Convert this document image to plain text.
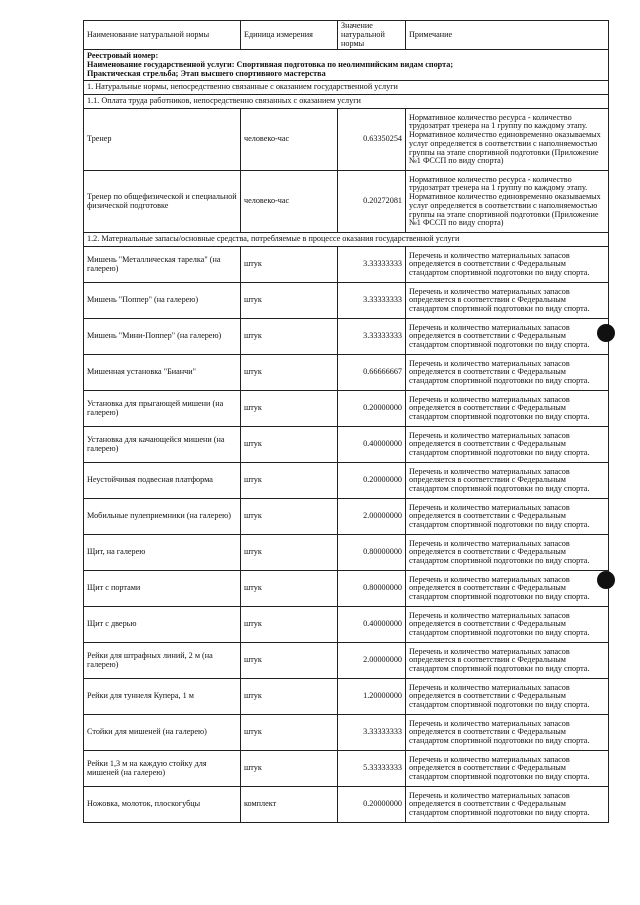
Наименование натуральной нормы	Единица измерения	Значение натуральной нормы	Примечание

Реестровый номер:
Наименование государственной услуги: Спортивная подготовка по неолимпийским видам спорта;
Практическая стрельба; Этап высшего спортивного мастерства			

1. Натуральные нормы, непосредственно связанные с оказанием государственной услуги			
1.1. Оплата труда работников, непосредственно связанных с оказанием услуги			
Тренер	человеко-час	0.63350254	Нормативное количество ресурса - количество трудозатрат тренера на 1 группу по каждому этапу. Нормативное количество единовременно оказываемых услуг определяется в соответствии с наполняемостью группы на этапе спортивной подготовки (Приложение №1 ФССП по виду спорта)
Тренер по общефизической и специальной физической подготовке	человеко-час	0.20272081	Нормативное количество ресурса - количество трудозатрат тренера на 1 группу по каждому этапу. Нормативное количество единовременно оказываемых услуг определяется в соответствии с наполняемостью группы на этапе спортивной подготовки (Приложение №1 ФССП по виду спорта)
1.2. Материальные запасы/основные средства, потребляемые в процессе оказания государственной услуги			
Мишень "Металлическая тарелка" (на галерею)	штук	3.33333333	Перечень и количество материальных запасов определяется в соответствии с Федеральным стандартом спортивной подготовки по виду спорта.
Мишень "Поппер" (на галерею)	штук	3.33333333	Перечень и количество материальных запасов определяется в соответствии с Федеральным стандартом спортивной подготовки по виду спорта.
Мишень "Мини-Поппер" (на галерею)	штук	3.33333333	Перечень и количество материальных запасов определяется в соответствии с Федеральным стандартом спортивной подготовки по виду спорта.
Мишенная установка "Бианчи"	штук	0.66666667	Перечень и количество материальных запасов определяется в соответствии с Федеральным стандартом спортивной подготовки по виду спорта.
Установка для прыгающей мишени (на галерею)	штук	0.20000000	Перечень и количество материальных запасов определяется в соответствии с Федеральным стандартом спортивной подготовки по виду спорта.
Установка для качающейся мишени (на галерею)	штук	0.40000000	Перечень и количество материальных запасов определяется в соответствии с Федеральным стандартом спортивной подготовки по виду спорта.
Неустойчивая подвесная платформа	штук	0.20000000	Перечень и количество материальных запасов определяется в соответствии с Федеральным стандартом спортивной подготовки по виду спорта.
Мобильные пулеприемники (на галерею)	штук	2.00000000	Перечень и количество материальных запасов определяется в соответствии с Федеральным стандартом спортивной подготовки по виду спорта.
Щит, на галерею	штук	0.80000000	Перечень и количество материальных запасов определяется в соответствии с Федеральным стандартом спортивной подготовки по виду спорта.
Щит с портами	штук	0.80000000	Перечень и количество материальных запасов определяется в соответствии с Федеральным стандартом спортивной подготовки по виду спорта.
Щит с дверью	штук	0.40000000	Перечень и количество материальных запасов определяется в соответствии с Федеральным стандартом спортивной подготовки по виду спорта.
Рейки для штрафных линий, 2 м (на галерею)	штук	2.00000000	Перечень и количество материальных запасов определяется в соответствии с Федеральным стандартом спортивной подготовки по виду спорта.
Рейки для туннеля Купера, 1 м	штук	1.20000000	Перечень и количество материальных запасов определяется в соответствии с Федеральным стандартом спортивной подготовки по виду спорта.
Стойки для мишеней (на галерею)	штук	3.33333333	Перечень и количество материальных запасов определяется в соответствии с Федеральным стандартом спортивной подготовки по виду спорта.
Рейки 1,3 м на каждую стойку для мишеней (на галерею)	штук	5.33333333	Перечень и количество материальных запасов определяется в соответствии с Федеральным стандартом спортивной подготовки по виду спорта.
Ножовка, молоток, плоскогубцы	комплект	0.20000000	Перечень и количество материальных запасов определяется в соответствии с Федеральным стандартом спортивной подготовки по виду спорта.
